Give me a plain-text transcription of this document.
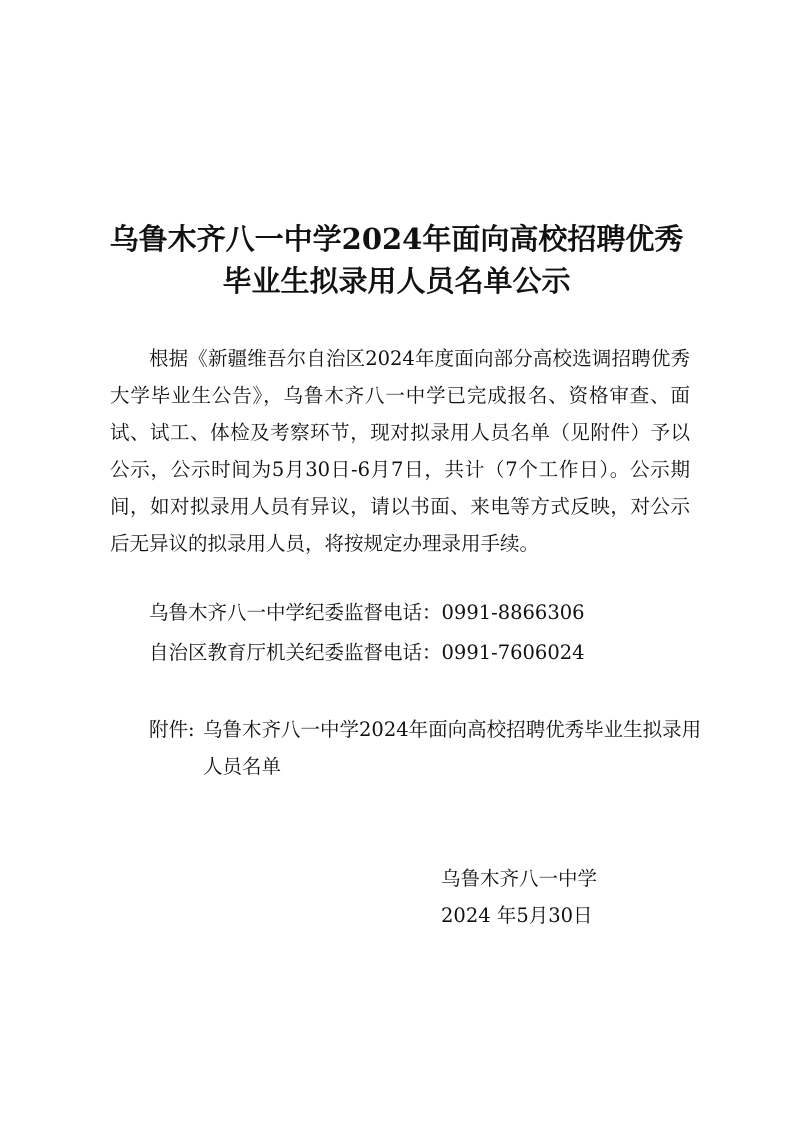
乌鲁木齐八一中学2024年面向高校招聘优秀
毕业生拟录用人员名单公示

根据《新疆维吾尔自治区2024年度面向部分高校选调招聘优秀大学毕业生公告》，乌鲁木齐八一中学已完成报名、资格审查、面试、试工、体检及考察环节，现对拟录用人员名单（见附件）予以公示，公示时间为5月30日-6月7日，共计（7个工作日）。公示期间，如对拟录用人员有异议，请以书面、来电等方式反映，对公示后无异议的拟录用人员，将按规定办理录用手续。

乌鲁木齐八一中学纪委监督电话：0991-8866306
自治区教育厅机关纪委监督电话：0991-7606024
附件: 乌鲁木齐八一中学2024年面向高校招聘优秀毕业生拟录用人员名单
乌鲁木齐八一中学
2024 年5月30日
